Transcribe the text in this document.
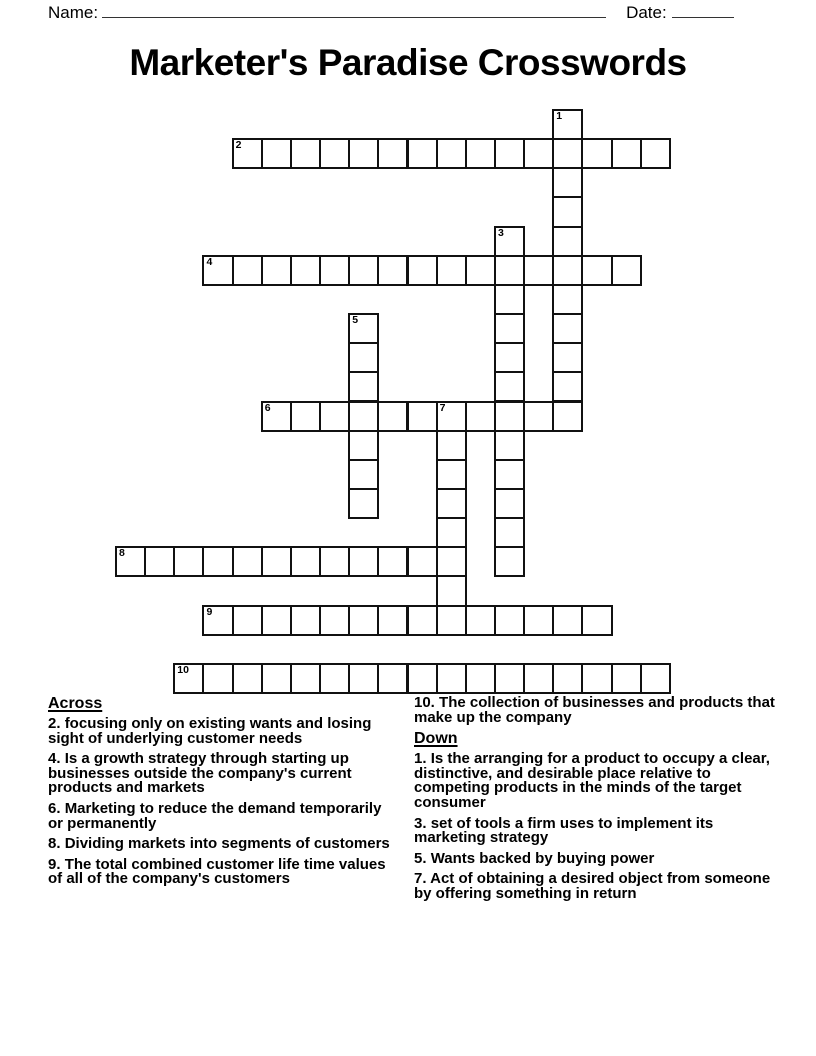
Name:	Date:
Marketer's Paradise Crosswords
1
2
3
4
5
6	7
8
9
10
Across
2. focusing only on existing wants and losing sight of underlying customer needs
4. Is a growth strategy through starting up businesses outside the company's current products and markets
6. Marketing to reduce the demand temporarily or permanently
8. Dividing markets into segments of customers
9. The total combined customer life time values of all of the company's customers
10. The collection of businesses and products that make up the company
Down
1. Is the arranging for a product to occupy a clear, distinctive, and desirable place relative to competing products in the minds of the target consumer
3. set of tools a firm uses to implement its marketing strategy
5. Wants backed by buying power
7. Act of obtaining a desired object from someone by offering something in return
